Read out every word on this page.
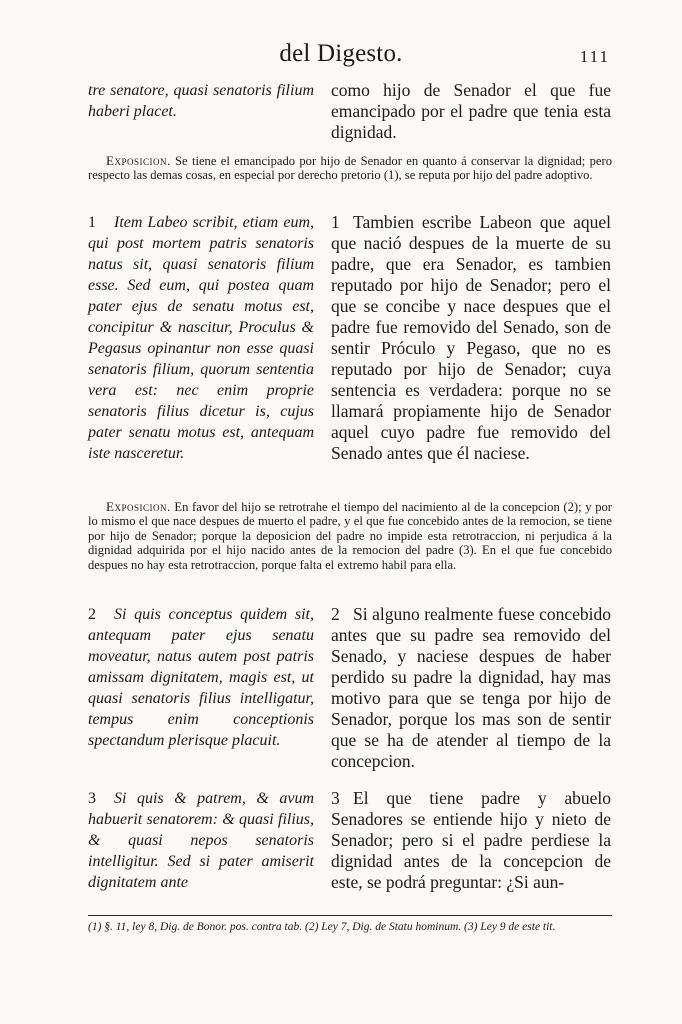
del Digesto.	111

tre senatore, quasi senatoris filium haberi placet.

como hijo de Senador el que fue emancipado por el padre que tenia esta dignidad.

Exposicion. Se tiene el emancipado por hijo de Senador en quanto á conservar la dignidad; pero respecto las demas cosas, en especial por derecho pretorio (1), se reputa por hijo del padre adoptivo.

1 Item Labeo scribit, etiam eum, qui post mortem patris senatoris natus sit, quasi senatoris filium esse. Sed eum, qui postea quam pater ejus de senatu motus est, concipitur & nascitur, Proculus & Pegasus opinantur non esse quasi senatoris filium, quorum sententia vera est: nec enim proprie senatoris filius dicetur is, cujus pater senatu motus est, antequam iste nasceretur.

1 Tambien escribe Labeon que aquel que nació despues de la muerte de su padre, que era Senador, es tambien reputado por hijo de Senador; pero el que se concibe y nace despues que el padre fue removido del Senado, son de sentir Próculo y Pegaso, que no es reputado por hijo de Senador; cuya sentencia es verdadera: porque no se llamará propiamente hijo de Senador aquel cuyo padre fue removido del Senado antes que él naciese.

Exposicion. En favor del hijo se retrotrahe el tiempo del nacimiento al de la concepcion (2); y por lo mismo el que nace despues de muerto el padre, y el que fue concebido antes de la remocion, se tiene por hijo de Senador; porque la deposicion del padre no impide esta retrotraccion, ni perjudica á la dignidad adquirida por el hijo nacido antes de la remocion del padre (3). En el que fue concebido despues no hay esta retrotraccion, porque falta el extremo habil para ella.

2 Si quis conceptus quidem sit, antequam pater ejus senatu moveatur, natus autem post patris amissam dignitatem, magis est, ut quasi senatoris filius intelligatur, tempus enim conceptionis spectandum plerisque placuit.

2 Si alguno realmente fuese concebido antes que su padre sea removido del Senado, y naciese despues de haber perdido su padre la dignidad, hay mas motivo para que se tenga por hijo de Senador, porque los mas son de sentir que se ha de atender al tiempo de la concepcion.

3 Si quis & patrem, & avum habuerit senatorem: & quasi filius, & quasi nepos senatoris intelligitur. Sed si pater amiserit dignitatem ante

3 El que tiene padre y abuelo Senadores se entiende hijo y nieto de Senador; pero si el padre perdiese la dignidad antes de la concepcion de este, se podrá preguntar: ¿Si aun-

(1) §. 11, ley 8, Dig. de Bonor. pos. contra tab. (2) Ley 7, Dig. de Statu hominum. (3) Ley 9 de este tit.
